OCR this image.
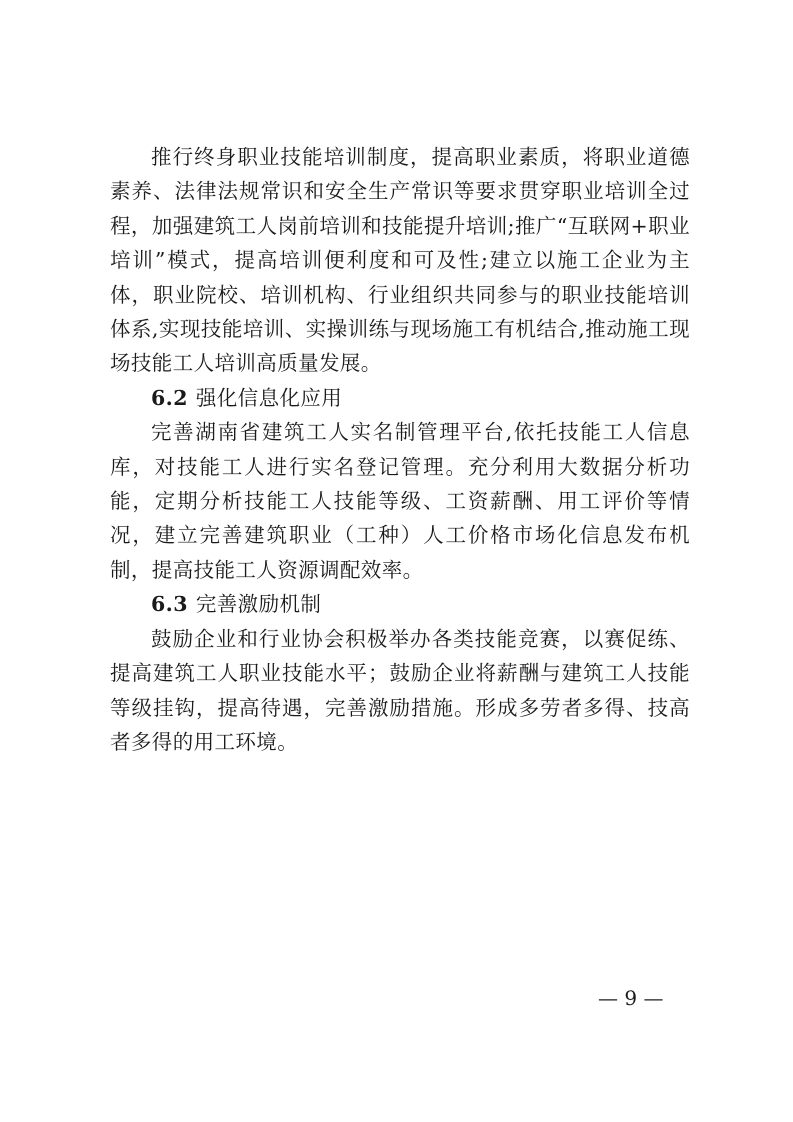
推行终身职业技能培训制度，提高职业素质，将职业道德素养、法律法规常识和安全生产常识等要求贯穿职业培训全过程，加强建筑工人岗前培训和技能提升培训;推广“互联网+职业培训”模式，提高培训便利度和可及性;建立以施工企业为主体，职业院校、培训机构、行业组织共同参与的职业技能培训体系,实现技能培训、实操训练与现场施工有机结合,推动施工现场技能工人培训高质量发展。

6.2 强化信息化应用

完善湖南省建筑工人实名制管理平台,依托技能工人信息库，对技能工人进行实名登记管理。充分利用大数据分析功能，定期分析技能工人技能等级、工资薪酬、用工评价等情况，建立完善建筑职业（工种）人工价格市场化信息发布机制，提高技能工人资源调配效率。

6.3 完善激励机制

鼓励企业和行业协会积极举办各类技能竞赛，以赛促练、提高建筑工人职业技能水平；鼓励企业将薪酬与建筑工人技能等级挂钩，提高待遇，完善激励措施。形成多劳者多得、技高者多得的用工环境。

— 9 —
